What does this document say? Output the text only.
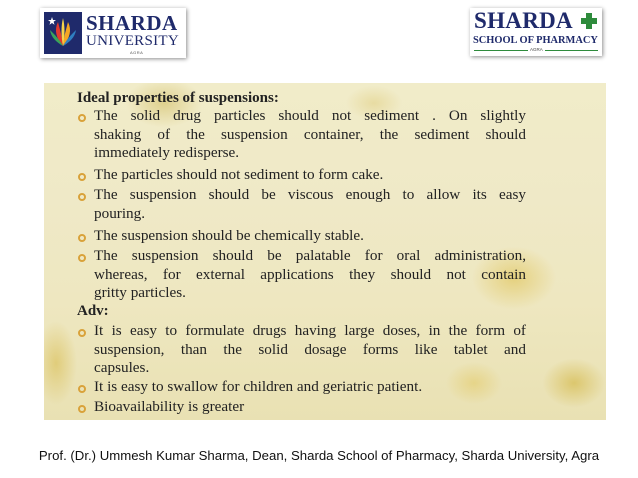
SHARDA
UNIVERSITY
AGRA
SHARDA
SCHOOL OF PHARMACY
AGRA
Ideal properties of suspensions:
The solid drug particles should not sediment . On slightly
shaking of the suspension container, the sediment should
immediately redisperse.
The particles should not sediment to form cake.
The suspension should be viscous enough to allow its easy
pouring.
The suspension should be chemically stable.
The suspension should be palatable for oral administration,
whereas, for external applications they should not contain
gritty particles.
Adv:
It is easy to formulate drugs having large doses, in the form of
suspension, than the solid dosage forms like tablet and
capsules.
It is easy to swallow for children and geriatric patient.
Bioavailability is greater
Prof. (Dr.) Ummesh Kumar Sharma, Dean, Sharda School of Pharmacy, Sharda University, Agra
